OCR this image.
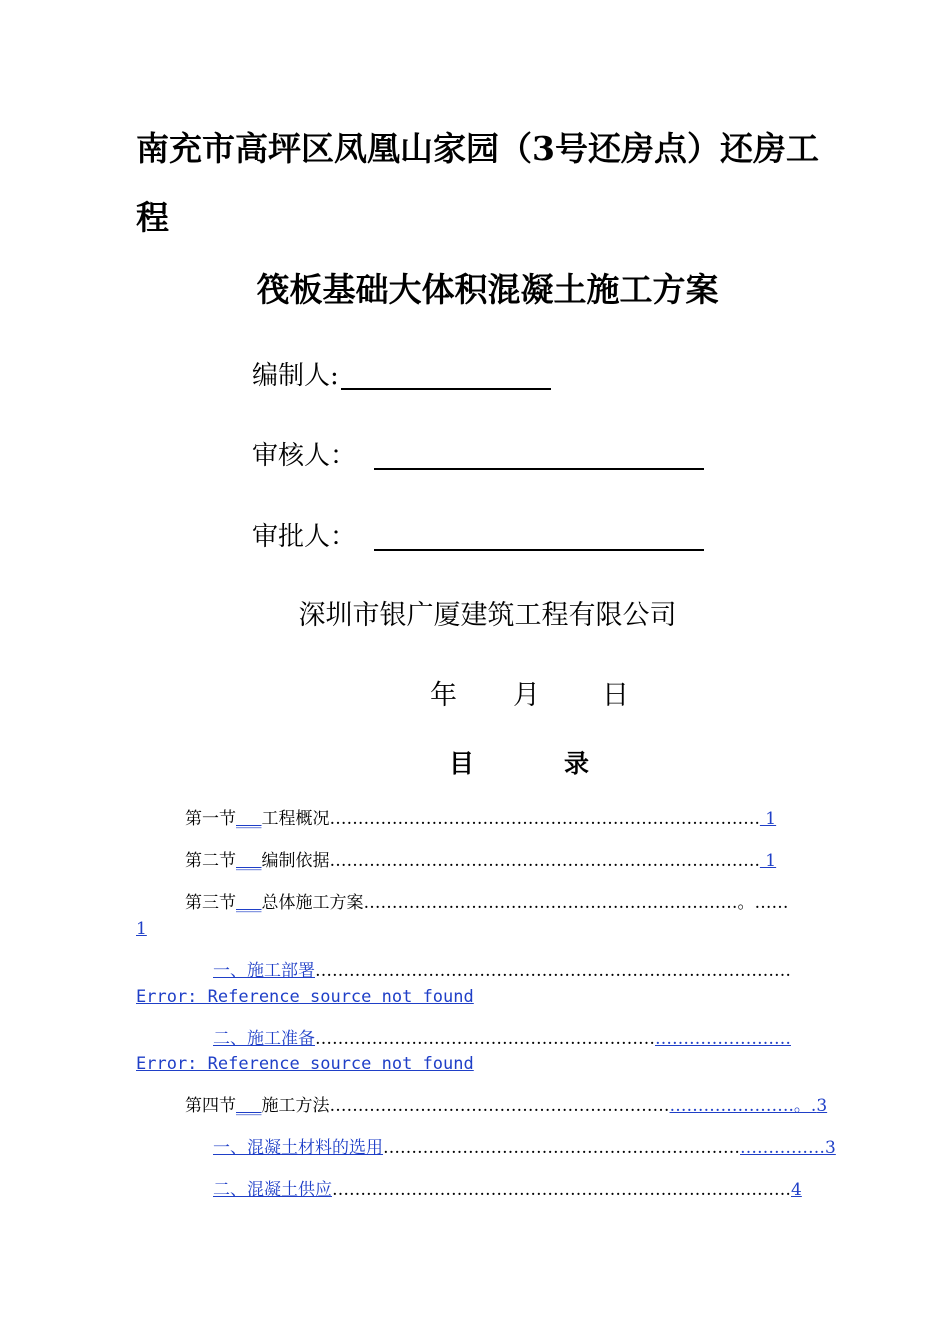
南充市高坪区凤凰山家园（3号还房点）还房工
程
筏板基础大体积混凝土施工方案
编制人:
审核人：
审批人：
深圳市银广厦建筑工程有限公司
年 月 日
目	录
第一节___工程概况…………………………………………………………………. 1
第二节___编制依据…………………………………………………………………. 1
第三节___总体施工方案…………………………………………………………。……
1
一、施工部署…………………………………………………………………………
Error: Reference source not found
二、施工准备…………………………………………………………………………
Error: Reference source not found
第四节___施工方法……………………………………………………………………….。.3
一、混凝土材料的选用……………………………………………………………………3
二、混凝土供应………………………………………………………………………4
